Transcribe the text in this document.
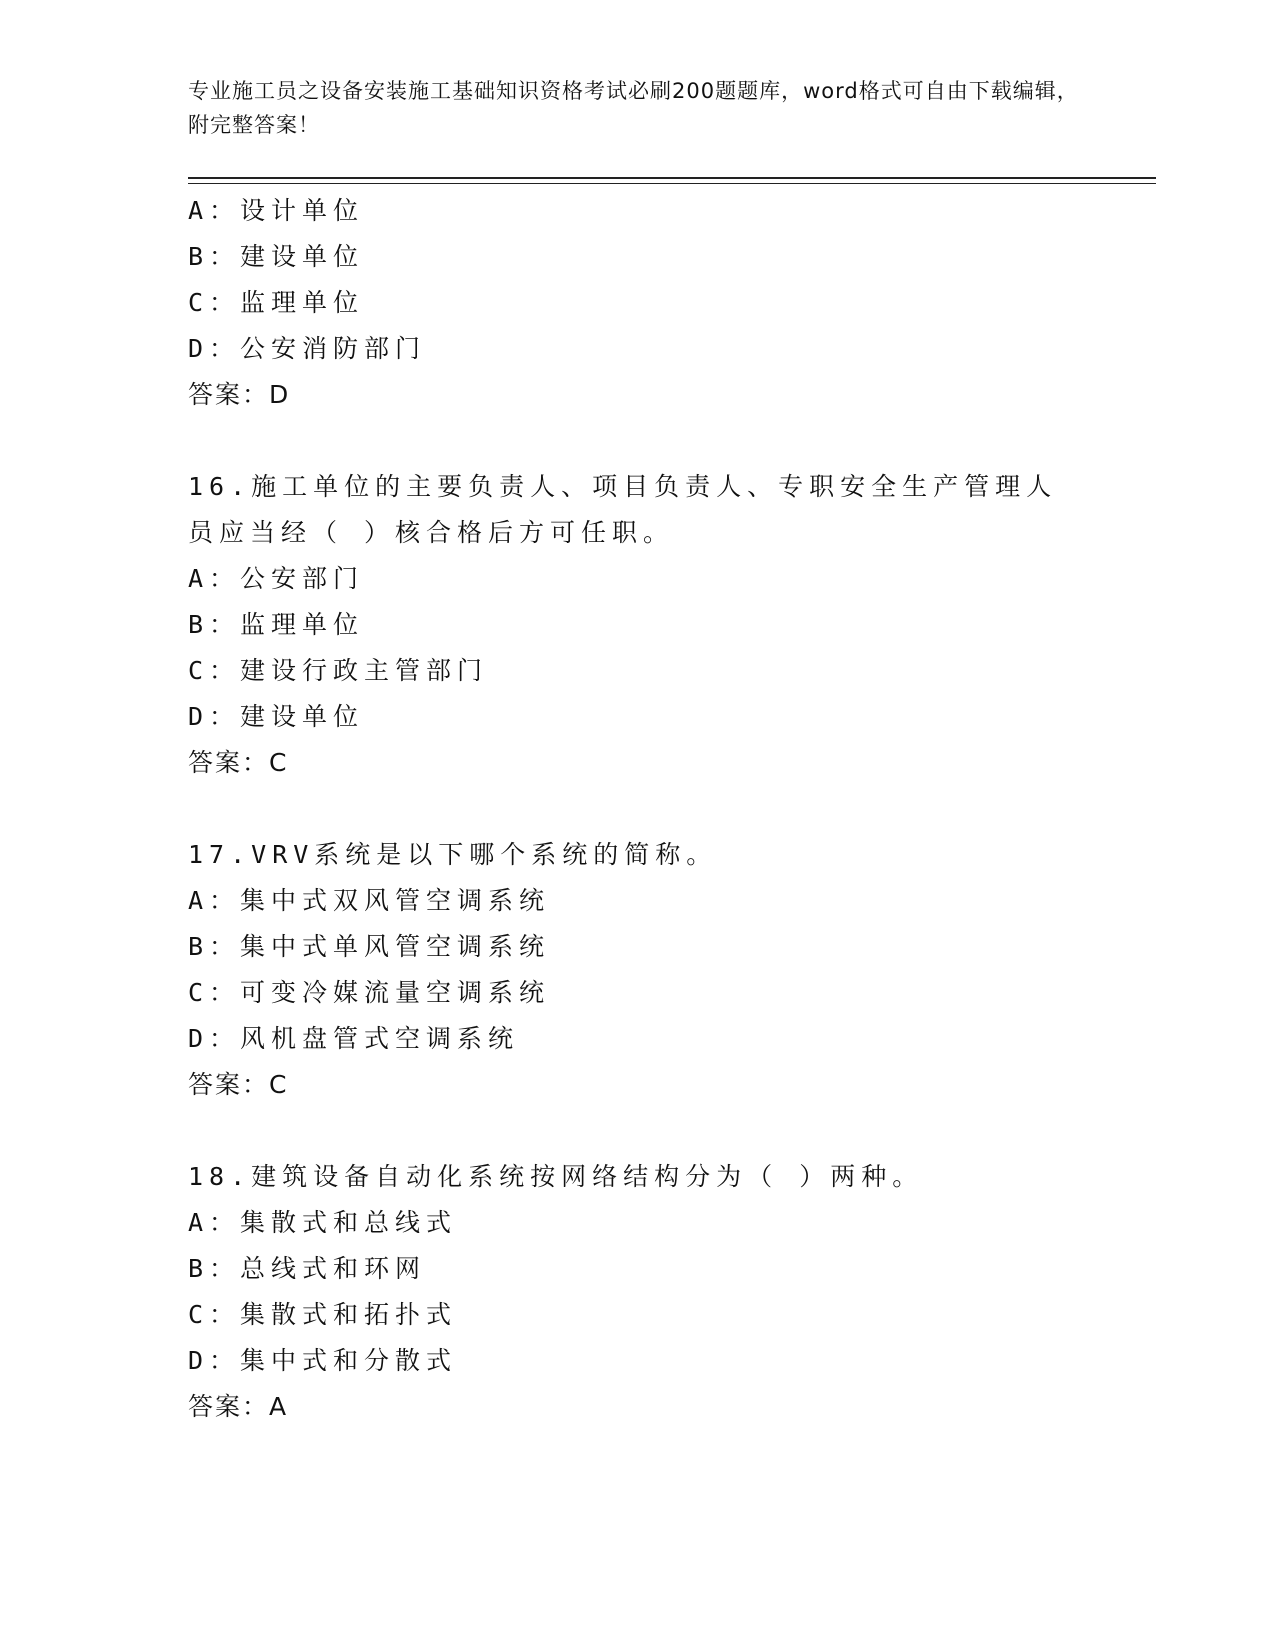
专业施工员之设备安装施工基础知识资格考试必刷200题题库，word格式可自由下载编辑，附完整答案！
A：设计单位
B：建设单位
C：监理单位
D：公安消防部门
答案：D
16.施工单位的主要负责人、项目负责人、专职安全生产管理人员应当经（ ）核合格后方可任职。
A：公安部门
B：监理单位
C：建设行政主管部门
D：建设单位
答案：C
17.VRV系统是以下哪个系统的简称。
A：集中式双风管空调系统
B：集中式单风管空调系统
C：可变冷媒流量空调系统
D：风机盘管式空调系统
答案：C
18.建筑设备自动化系统按网络结构分为（ ）两种。
A：集散式和总线式
B：总线式和环网
C：集散式和拓扑式
D：集中式和分散式
答案：A
